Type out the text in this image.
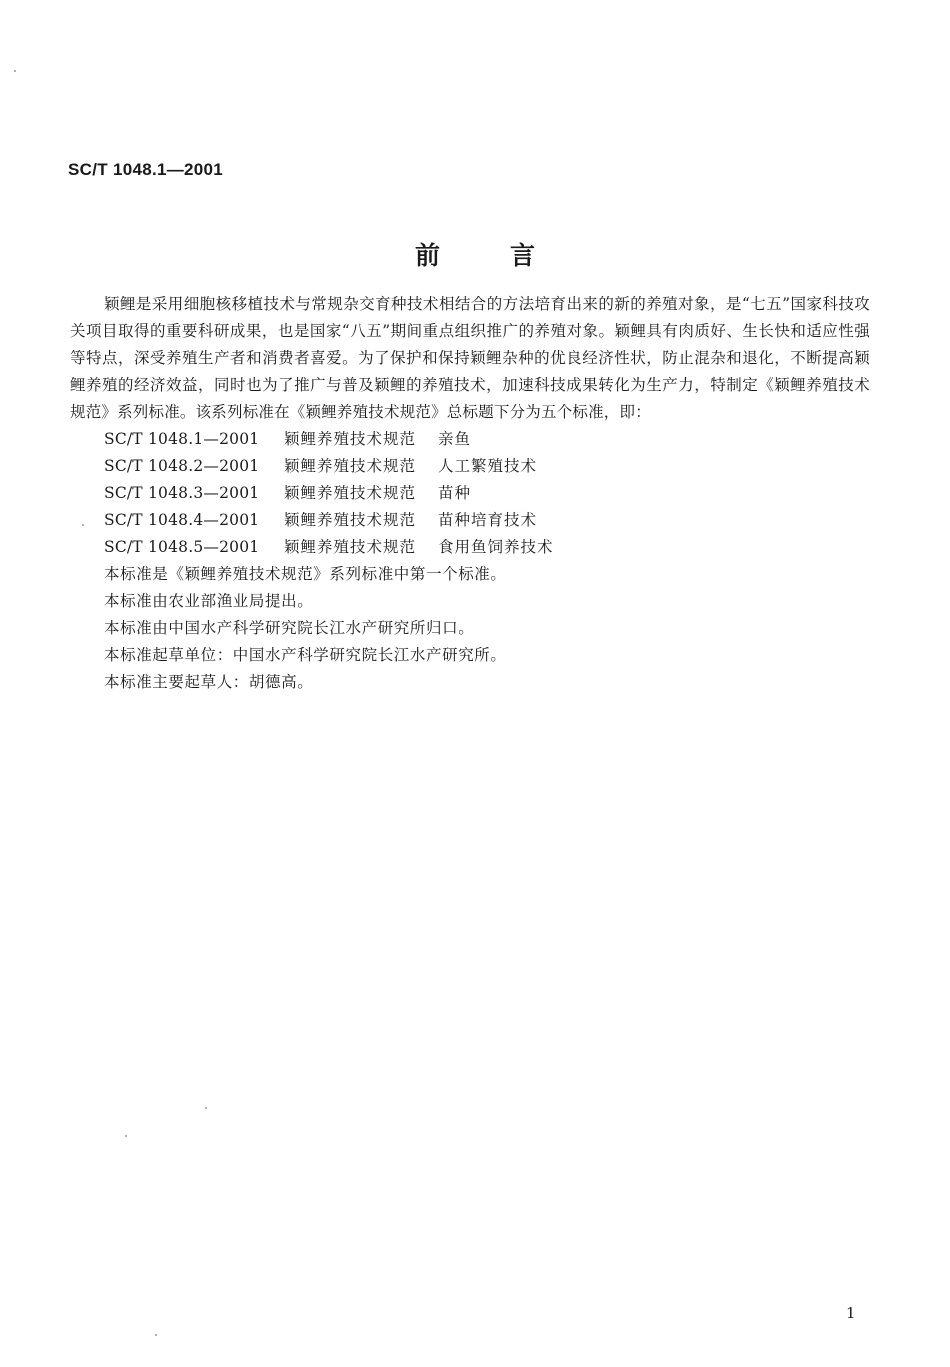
SC/T 1048.1—2001
前言

颖鲤是采用细胞核移植技术与常规杂交育种技术相结合的方法培育出来的新的养殖对象，是“七五”国家科技攻关项目取得的重要科研成果，也是国家“八五”期间重点组织推广的养殖对象。颖鲤具有肉质好、生长快和适应性强等特点，深受养殖生产者和消费者喜爱。为了保护和保持颖鲤杂种的优良经济性状，防止混杂和退化，不断提高颖鲤养殖的经济效益，同时也为了推广与普及颖鲤的养殖技术，加速科技成果转化为生产力，特制定《颖鲤养殖技术规范》系列标准。该系列标准在《颖鲤养殖技术规范》总标题下分为五个标准，即：

SC/T 1048.1—2001	颖鲤养殖技术规范	亲鱼
SC/T 1048.2—2001	颖鲤养殖技术规范	人工繁殖技术
SC/T 1048.3—2001	颖鲤养殖技术规范	苗种
SC/T 1048.4—2001	颖鲤养殖技术规范	苗种培育技术
SC/T 1048.5—2001	颖鲤养殖技术规范	食用鱼饲养技术

本标准是《颖鲤养殖技术规范》系列标准中第一个标准。

本标准由农业部渔业局提出。

本标准由中国水产科学研究院长江水产研究所归口。

本标准起草单位：中国水产科学研究院长江水产研究所。

本标准主要起草人：胡德高。

1
